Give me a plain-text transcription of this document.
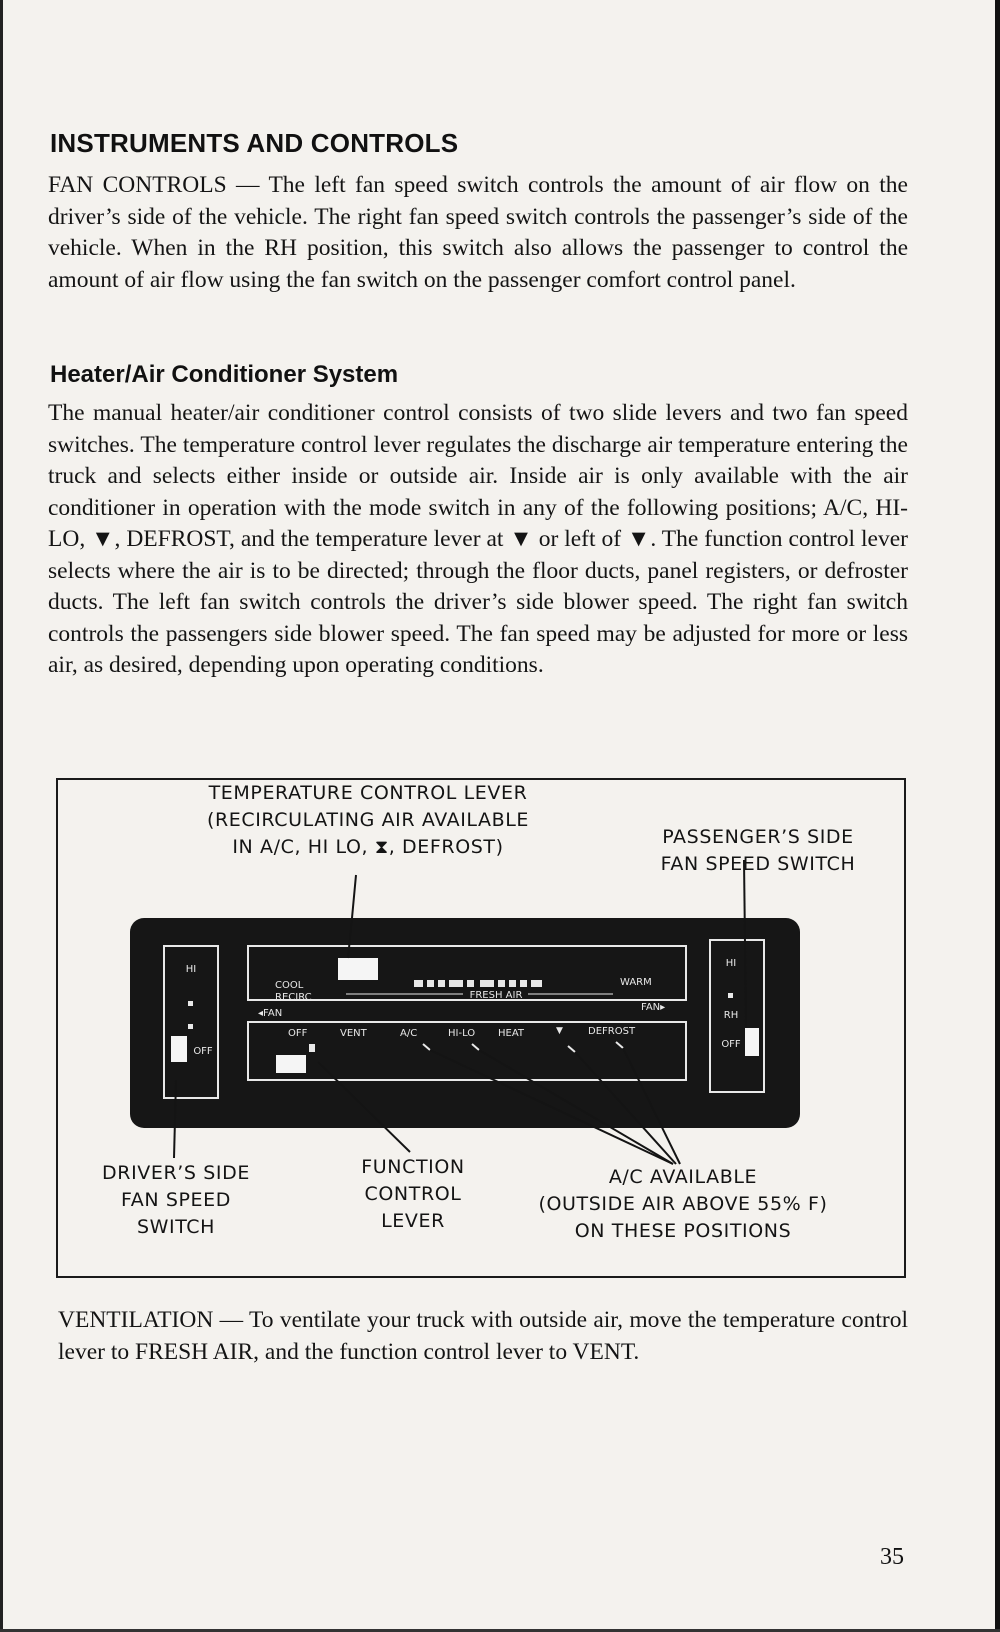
INSTRUMENTS AND CONTROLS

FAN CONTROLS — The left fan speed switch controls the amount of air flow on the driver’s side of the vehicle. The right fan speed switch controls the passenger’s side of the vehicle. When in the RH position, this switch also allows the passenger to control the amount of air flow using the fan switch on the passenger comfort control panel.

Heater/Air Conditioner System

The manual heater/air conditioner control consists of two slide levers and two fan speed switches. The temperature control lever regulates the discharge air temperature entering the truck and selects either inside or outside air. Inside air is only available with the air conditioner in operation with the mode switch in any of the following positions; A/C, HI-LO, ▼, DEFROST, and the temperature lever at ▼ or left of ▼. The function control lever selects where the air is to be directed; through the floor ducts, panel registers, or defroster ducts. The left fan switch controls the driver’s side blower speed. The right fan switch controls the passengers side blower speed. The fan speed may be adjusted for more or less air, as desired, depending upon operating conditions.

HI
OFF
COOL
RECIRC	FRESH AIR
WARM
◂FAN
FAN▸
OFF	VENT	A/C	HI-LO HEAT	▼	DEFROST
HI
RH
OFF
TEMPERATURE CONTROL LEVER
(RECIRCULATING AIR AVAILABLE
IN A/C, HI LO, ⧗, DEFROST)	PASSENGER’S SIDE
FAN SPEED SWITCH
DRIVER’S SIDE
FAN SPEED
SWITCH
FUNCTION
CONTROL
LEVER
A/C AVAILABLE
(OUTSIDE AIR ABOVE 55% F)
ON THESE POSITIONS

VENTILATION — To ventilate your truck with outside air, move the temperature control lever to FRESH AIR, and the function control lever to VENT.

35
